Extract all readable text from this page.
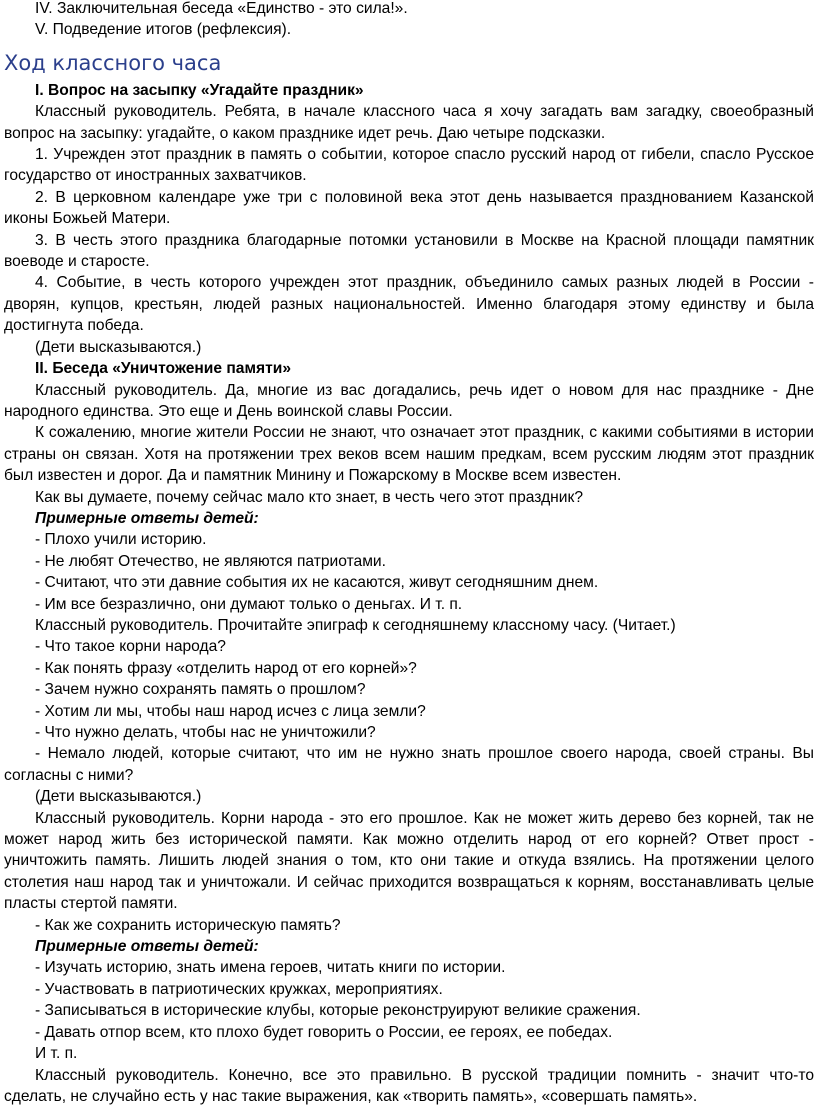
IV. Заключительная беседа «Единство - это сила!».

V. Подведение итогов (рефлексия).

Ход классного часа

I. Вопрос на засыпку «Угадайте праздник»

Классный руководитель. Ребята, в начале классного часа я хочу загадать вам загадку, своеобразный вопрос на засыпку: угадайте, о каком празднике идет речь. Даю четыре подсказки.

1. Учрежден этот праздник в память о событии, которое спасло русский народ от гибели, спасло Русское государство от иностранных захватчиков.

2. В церковном календаре уже три с половиной века этот день называется празднованием Казанской иконы Божьей Матери.

3. В честь этого праздника благодарные потомки установили в Москве на Красной площади памятник воеводе и старосте.

4. Событие, в честь которого учрежден этот праздник, объединило самых разных людей в России - дворян, купцов, крестьян, людей разных национальностей. Именно благодаря этому единству и была достигнута победа.

(Дети высказываются.)

II. Беседа «Уничтожение памяти»

Классный руководитель. Да, многие из вас догадались, речь идет о новом для нас празднике - Дне народного единства. Это еще и День воинской славы России.

К сожалению, многие жители России не знают, что означает этот праздник, с какими событиями в истории страны он связан. Хотя на протяжении трех веков всем нашим предкам, всем русским людям этот праздник был известен и дорог. Да и памятник Минину и Пожарскому в Москве всем известен.

Как вы думаете, почему сейчас мало кто знает, в честь чего этот праздник?

Примерные ответы детей:

- Плохо учили историю.

- Не любят Отечество, не являются патриотами.

- Считают, что эти давние события их не касаются, живут сегодняшним днем.

- Им все безразлично, они думают только о деньгах. И т. п.

Классный руководитель. Прочитайте эпиграф к сегодняшнему классному часу. (Читает.)

- Что такое корни народа?

- Как понять фразу «отделить народ от его корней»?

- Зачем нужно сохранять память о прошлом?

- Хотим ли мы, чтобы наш народ исчез с лица земли?

- Что нужно делать, чтобы нас не уничтожили?

- Немало людей, которые считают, что им не нужно знать прошлое своего народа, своей страны. Вы согласны с ними?

(Дети высказываются.)

Классный руководитель. Корни народа - это его прошлое. Как не может жить дерево без корней, так не может народ жить без исторической памяти. Как можно отделить народ от его корней? Ответ прост - уничтожить память. Лишить людей знания о том, кто они такие и откуда взялись. На протяжении целого столетия наш народ так и уничтожали. И сейчас приходится возвращаться к корням, восстанавливать целые пласты стертой памяти.

- Как же сохранить историческую память?

Примерные ответы детей:

- Изучать историю, знать имена героев, читать книги по истории.

- Участвовать в патриотических кружках, мероприятиях.

- Записываться в исторические клубы, которые реконструируют великие сражения.

- Давать отпор всем, кто плохо будет говорить о России, ее героях, ее победах.

И т. п.

Классный руководитель. Конечно, все это правильно. В русской традиции помнить - значит что-то сделать, не случайно есть у нас такие выражения, как «творить память», «совершать память».
